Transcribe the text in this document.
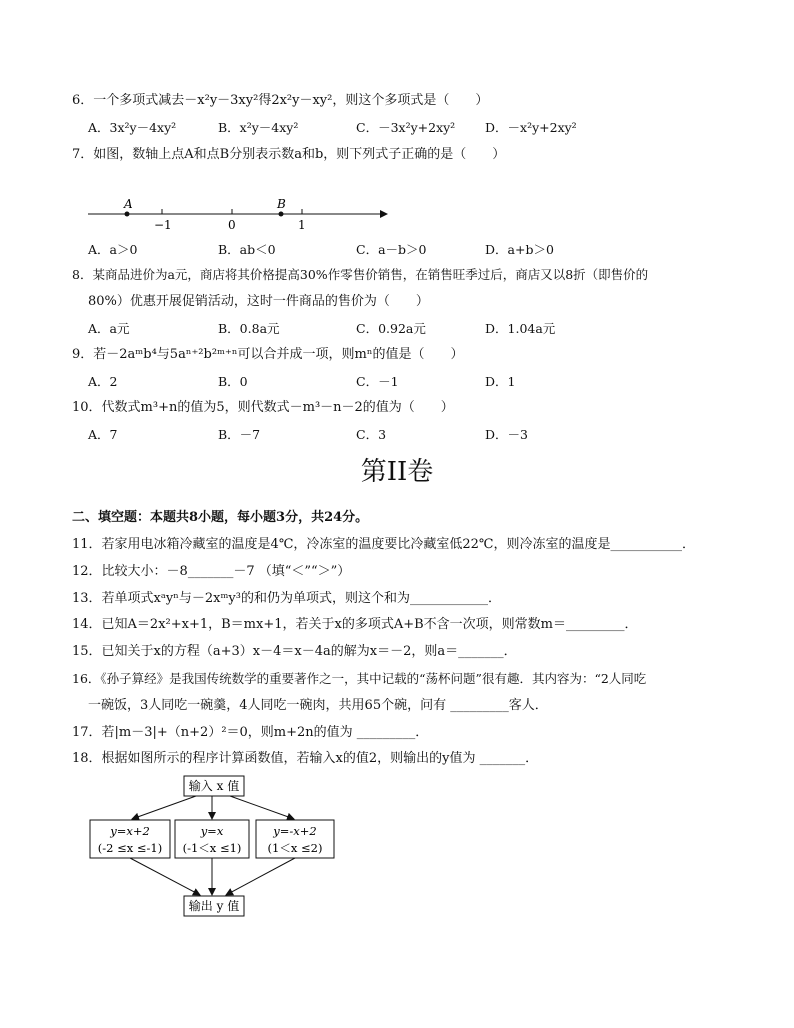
6．一个多项式减去－x²y－3xy²得2x²y－xy²，则这个多项式是（　　）
A．3x²y－4xy²	B．x²y－4xy²	C．－3x²y+2xy² D．－x²y+2xy²
7．如图，数轴上点A和点B分别表示数a和b，则下列式子正确的是（　　）
A	B
−1	0	1
A．a＞0	B．ab＜0	C．a－b＞0	D．a+b＞0
8．某商品进价为a元，商店将其价格提高30%作零售价销售，在销售旺季过后，商店又以8折（即售价的
80%）优惠开展促销活动，这时一件商品的售价为（　　）
A．a元	B．0.8a元	C．0.92a元	D．1.04a元
9．若－2aᵐb⁴与5aⁿ⁺²b²ᵐ⁺ⁿ可以合并成一项，则mⁿ的值是（　　）
A．2	B．0	C．－1	D．1
10．代数式m³+n的值为5，则代数式－m³－n－2的值为（　　）
A．7	B．－7	C．3	D．－3
第II卷
二、填空题：本题共8小题，每小题3分，共24分。
11．若家用电冰箱冷藏室的温度是4℃，冷冻室的温度要比冷藏室低22℃，则冷冻室的温度是___________．
12．比较大小：－8_______－7 （填“＜”“＞”）
13．若单项式xᵃyⁿ与－2xᵐy³的和仍为单项式，则这个和为____________．
14．已知A＝2x²+x+1，B＝mx+1，若关于x的多项式A+B不含一次项，则常数m＝_________．
15．已知关于x的方程（a+3）x－4＝x－4a的解为x＝－2，则a＝_______．
16．《孙子算经》是我国传统数学的重要著作之一，其中记载的“荡杯问题”很有趣．其内容为：“2人同吃
一碗饭，3人同吃一碗羹，4人同吃一碗肉，共用65个碗，问有 _________客人．
17．若|m－3|+（n+2）²＝0，则m+2n的值为 _________．
18．根据如图所示的程序计算函数值，若输入x的值2，则输出的y值为 _______．
输入 x 值
y=x+2
(-2 ≤x ≤-1)
y=x
(-1＜x ≤1)
y=-x+2
(1＜x ≤2)
输出 y 值
